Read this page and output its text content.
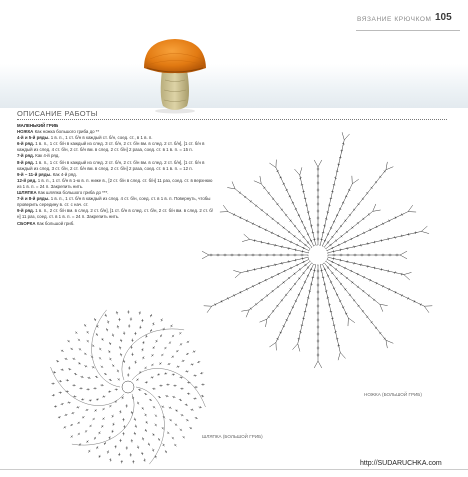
ВЯЗАНИЕ КРЮЧКОМ 105
ОПИСАНИЕ РАБОТЫ

МАЛЕНЬКИЙ ГРИБ

НОЖКА Как ножка большого гриба до **

4-й и 5-й ряды. 1 в. п., 1 ст. б/н в каждый ст. б/н, соед. ст., в 1 в. п.

6-й ряд. 1 в. п., 1 ст. б/н в каждый из след. 3 ст. б/н, 2 ст. б/н вм. в след. 2 ст. б/н], [1 ст. б/н в каждый из след. 4 ст. б/н, 2 ст. б/н вм. в след. 2 ст. б/н] 2 раза, соед. ст. в 1 в. п. = 15 п.

7-й ряд. Как 4-й ряд.

8-й ряд. 1 в. п., 1 ст. б/н в каждый из след. 2 ст. б/н, 2 ст. б/н вм. в след. 2 ст. б/н], [1 ст. б/н в каждый из след. 3 ст. б/н, 2 ст. б/н вм. в след. 2 ст. б/н] 2 раза, соед. ст. в 1 в. п. = 12 п.

9-й – 11-й ряды. Как 4-й ряд.

12-й ряд. 1 в. п., 1 ст. б/н в 1-ю в. п. ниже в., [2 ст. б/н в след. ст. б/н] 11 раз, соед. ст. в верхнюю из 1 в. п. = 24 п. Закрепить нить.

ШЛЯПКА Как шляпка большого гриба до ***.

7-й и 8-й ряды. 1 в. п., 1 ст. б/н в каждый из след. 4 ст. б/н, соед. ст. в 1 в. п. Повернуть, чтобы проверить середину в. ст. с нач. ст.

9-й ряд. 1 в. п., 2 ст. б/н вм. в след. 2 ст. б/н], [1 ст. б/н в след. ст. б/н, 2 ст. б/н вм. в след. 2 ст. б/н] 11 раз, соед. ст. в 1 в. п. = 24 п. Закрепить нить.

СБОРКА Как большой гриб.

НОЖКА (БОЛЬШОЙ ГРИБ)
ШЛЯПКА (БОЛЬШОЙ ГРИБ)
http://SUDARUCHKA.com
